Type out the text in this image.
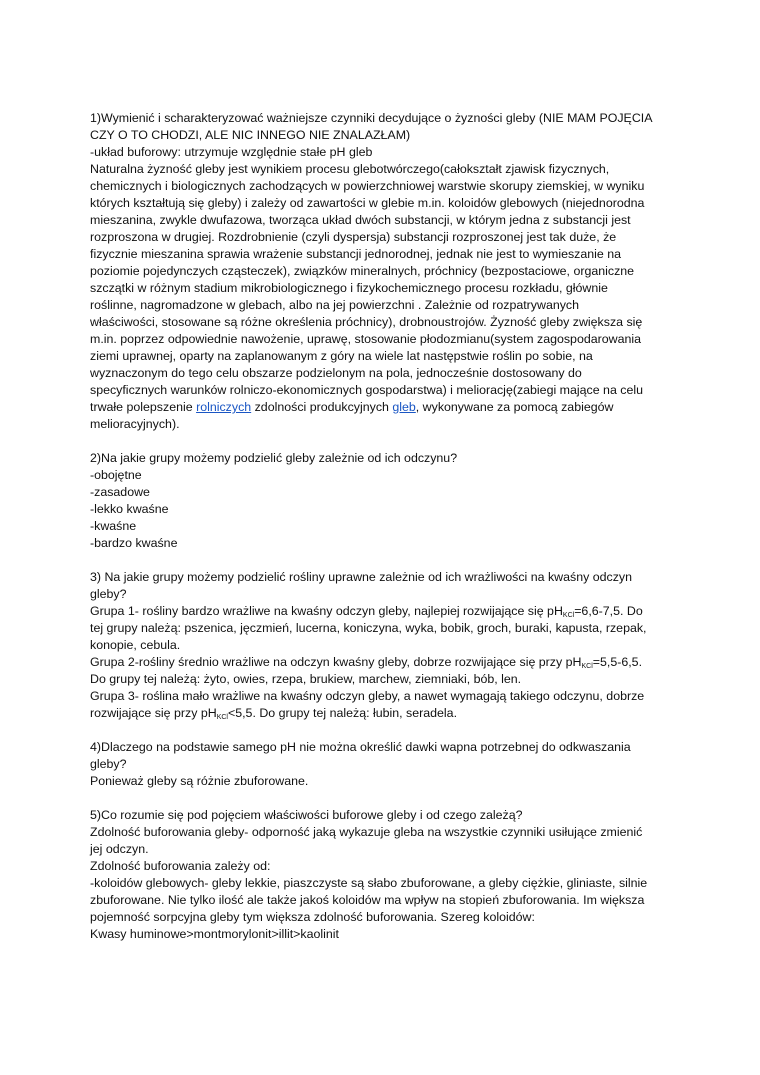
1)Wymienić i scharakteryzować ważniejsze czynniki decydujące o żyzności gleby (NIE MAM POJĘCIA
CZY O TO CHODZI, ALE NIC INNEGO NIE ZNALAZŁAM)
-układ buforowy: utrzymuje względnie stałe pH gleb
Naturalna żyzność gleby jest wynikiem procesu glebotwórczego(całokształt zjawisk fizycznych,
chemicznych i biologicznych zachodzących w powierzchniowej warstwie skorupy ziemskiej, w wyniku
których kształtują się gleby) i zależy od zawartości w glebie m.in. koloidów glebowych (niejednorodna
mieszanina, zwykle dwufazowa, tworząca układ dwóch substancji, w którym jedna z substancji jest
rozproszona w drugiej. Rozdrobnienie (czyli dyspersja) substancji rozproszonej jest tak duże, że
fizycznie mieszanina sprawia wrażenie substancji jednorodnej, jednak nie jest to wymieszanie na
poziomie pojedynczych cząsteczek), związków mineralnych, próchnicy (bezpostaciowe, organiczne
szczątki w różnym stadium mikrobiologicznego i fizykochemicznego procesu rozkładu, głównie
roślinne, nagromadzone w glebach, albo na jej powierzchni . Zależnie od rozpatrywanych
właściwości, stosowane są różne określenia próchnicy), drobnoustrojów. Żyzność gleby zwiększa się
m.in. poprzez odpowiednie nawożenie, uprawę, stosowanie płodozmianu(system zagospodarowania
ziemi uprawnej, oparty na zaplanowanym z góry na wiele lat następstwie roślin po sobie, na
wyznaczonym do tego celu obszarze podzielonym na pola, jednocześnie dostosowany do
specyficznych warunków rolniczo-ekonomicznych gospodarstwa) i meliorację(zabiegi mające na celu
trwałe polepszenie rolniczych zdolności produkcyjnych gleb, wykonywane za pomocą zabiegów
melioracyjnych).
2)Na jakie grupy możemy podzielić gleby zależnie od ich odczynu?
-obojętne
-zasadowe
-lekko kwaśne
-kwaśne
-bardzo kwaśne
3) Na jakie grupy możemy podzielić rośliny uprawne zależnie od ich wrażliwości na kwaśny odczyn
gleby?
Grupa 1- rośliny bardzo wrażliwe na kwaśny odczyn gleby, najlepiej rozwijające się $pH_{KCl}=6,6-7,5$. Do
tej grupy należą: pszenica, jęczmień, lucerna, koniczyna, wyka, bobik, groch, buraki, kapusta, rzepak,
konopie, cebula.
Grupa 2-rośliny średnio wrażliwe na odczyn kwaśny gleby, dobrze rozwijające się przy $pH_{KCl}=5,5-6,5$.
Do grupy tej należą: żyto, owies, rzepa, brukiew, marchew, ziemniaki, bób, len.
Grupa 3- roślina mało wrażliwe na kwaśny odczyn gleby, a nawet wymagają takiego odczynu, dobrze
rozwijające się przy $pH_{KCl}<5,5$. Do grupy tej należą: łubin, seradela.
4)Dlaczego na podstawie samego pH nie można określić dawki wapna potrzebnej do odkwaszania
gleby?
Ponieważ gleby są różnie zbuforowane.
5)Co rozumie się pod pojęciem właściwości buforowe gleby i od czego zależą?
Zdolność buforowania gleby- odporność jaką wykazuje gleba na wszystkie czynniki usiłujące zmienić
jej odczyn.
Zdolność buforowania zależy od:
-koloidów glebowych- gleby lekkie, piaszczyste są słabo zbuforowane, a gleby ciężkie, gliniaste, silnie
zbuforowane. Nie tylko ilość ale także jakoś koloidów ma wpływ na stopień zbuforowania. Im większa
pojemność sorpcyjna gleby tym większa zdolność buforowania. Szereg koloidów:
Kwasy huminowe>montmorylonit>illit>kaolinit
